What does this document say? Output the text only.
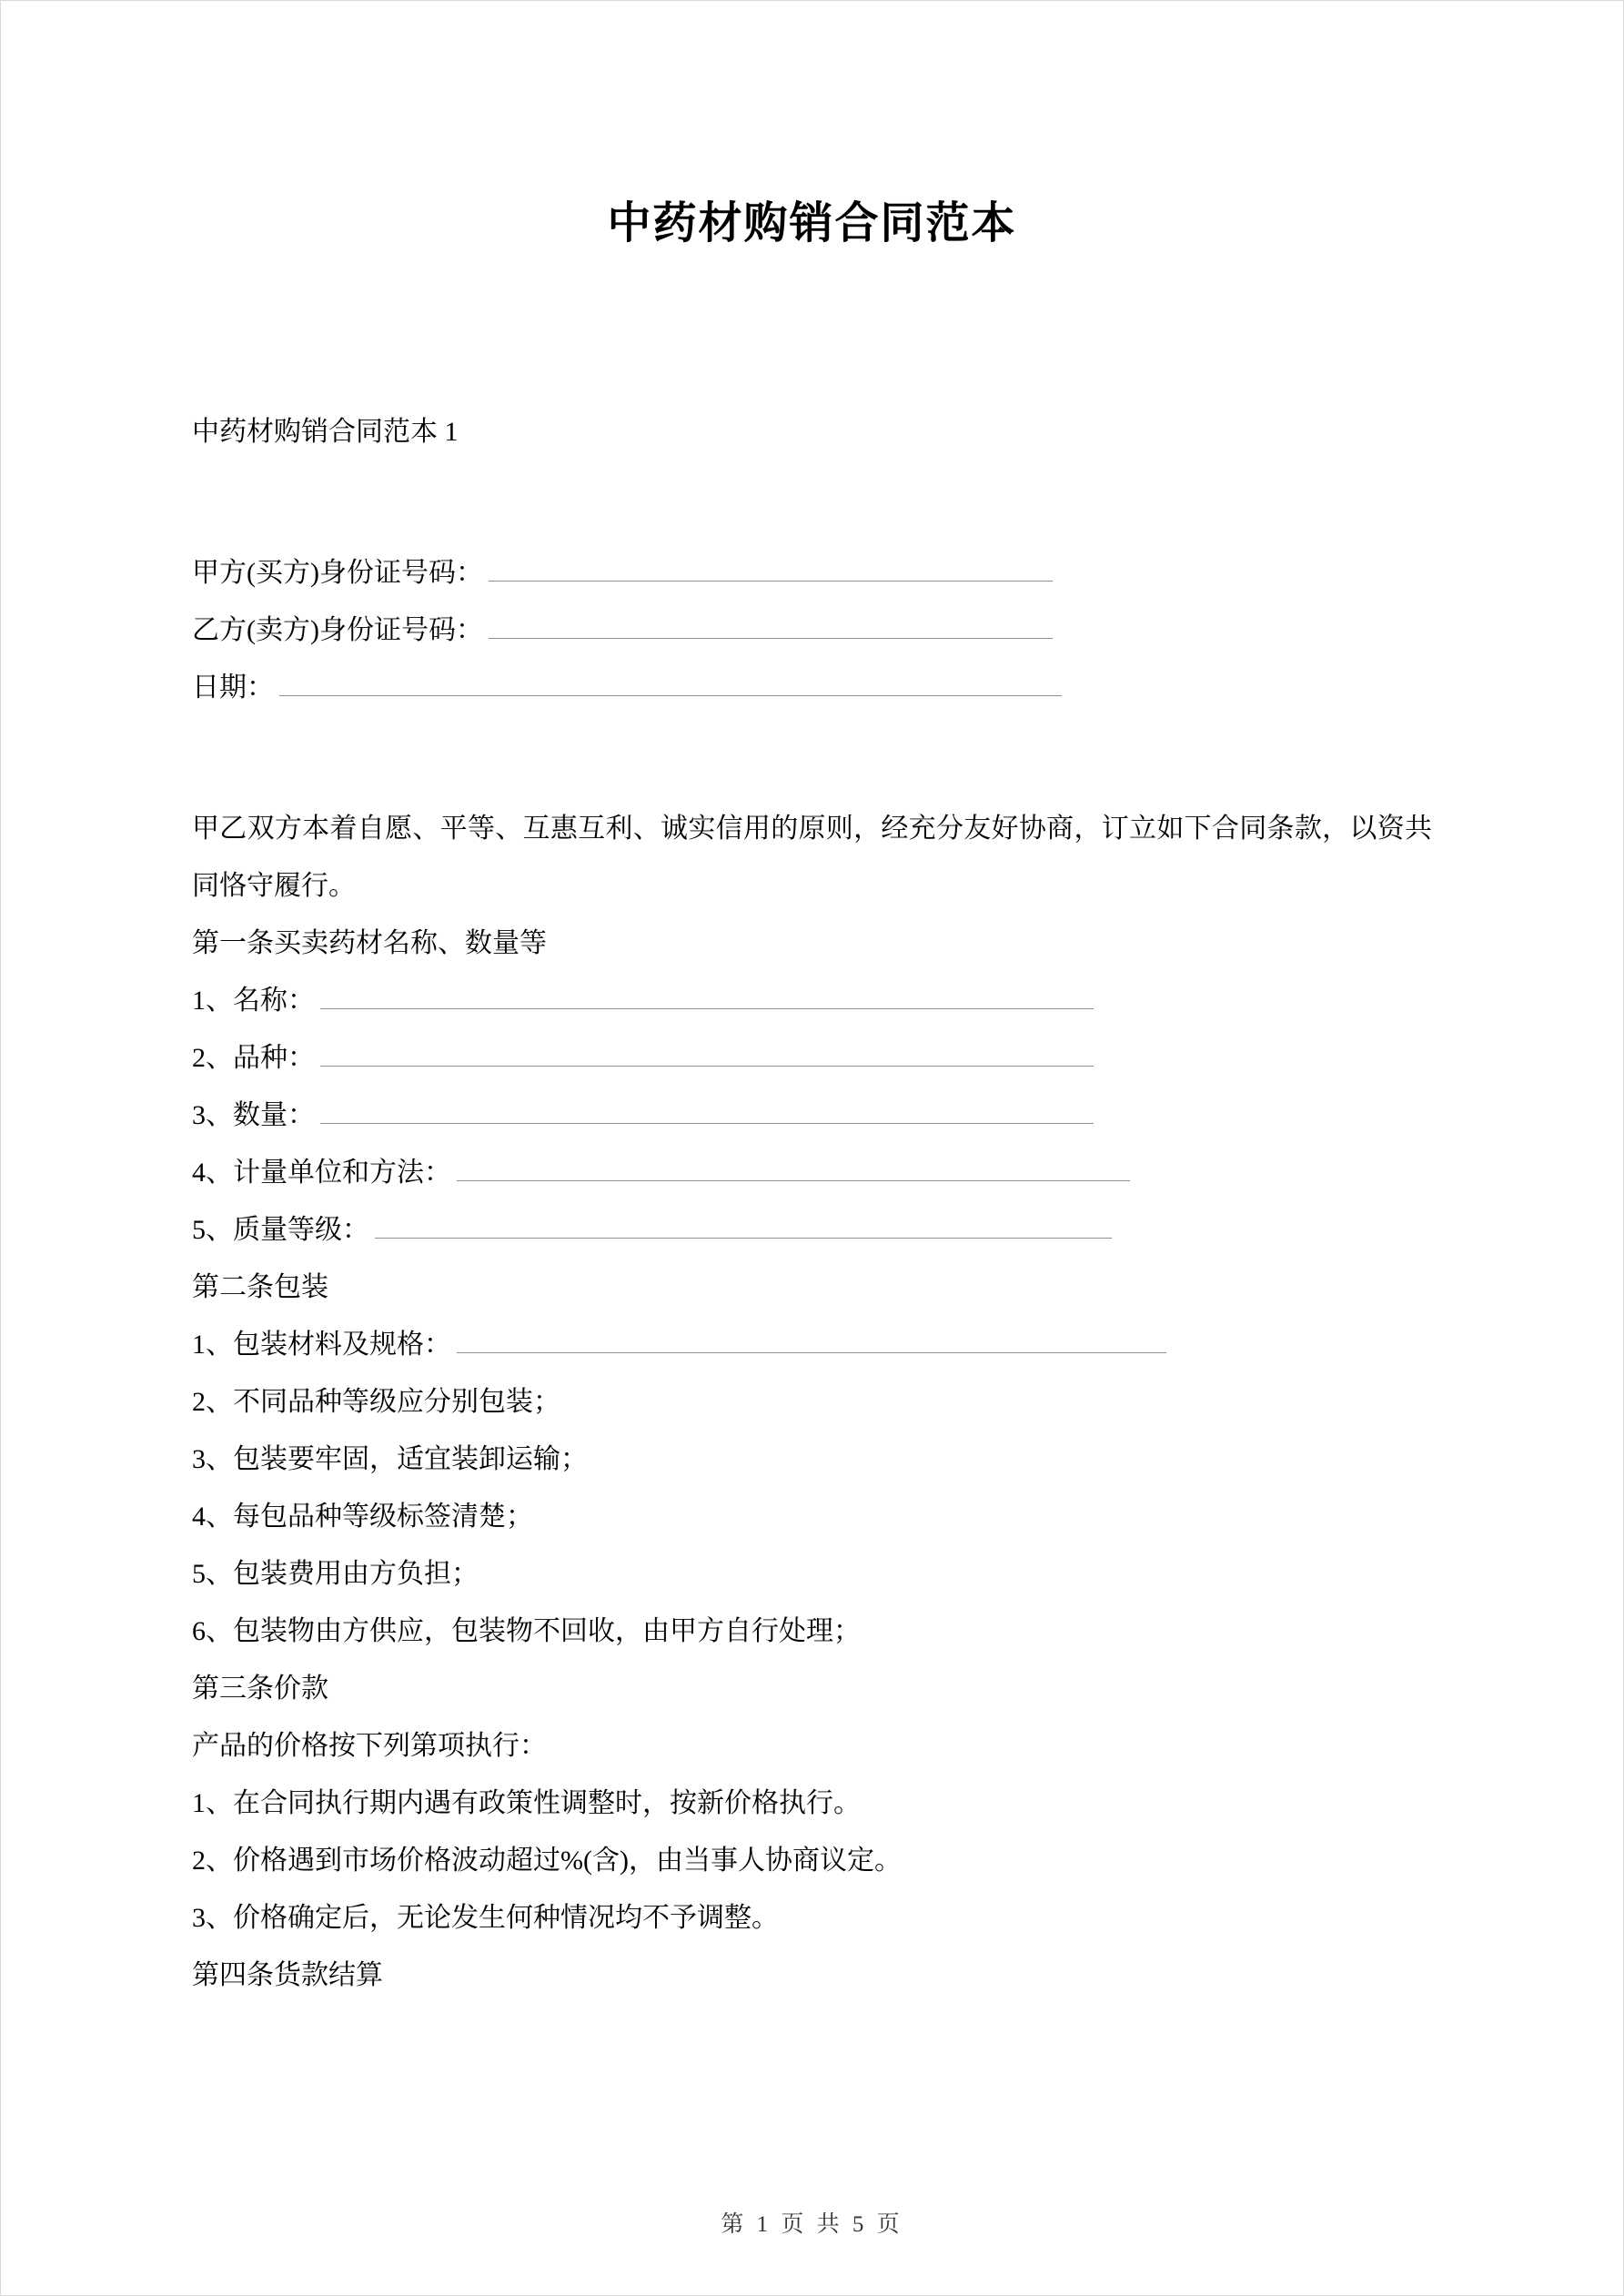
中药材购销合同范本

中药材购销合同范本 1

甲方(买方)身份证号码：

乙方(卖方)身份证号码：

日期：

甲乙双方本着自愿、平等、互惠互利、诚实信用的原则，经充分友好协商，订立如下合同条款，以资共同恪守履行。

第一条买卖药材名称、数量等

1、名称：

2、品种：

3、数量：

4、计量单位和方法：

5、质量等级：

第二条包装

1、包装材料及规格：

2、不同品种等级应分别包装；

3、包装要牢固，适宜装卸运输；

4、每包品种等级标签清楚；

5、包装费用由方负担；

6、包装物由方供应，包装物不回收，由甲方自行处理；

第三条价款

产品的价格按下列第项执行：

1、在合同执行期内遇有政策性调整时，按新价格执行。

2、价格遇到市场价格波动超过%(含)，由当事人协商议定。

3、价格确定后，无论发生何种情况均不予调整。

第四条货款结算

第 1 页 共 5 页
